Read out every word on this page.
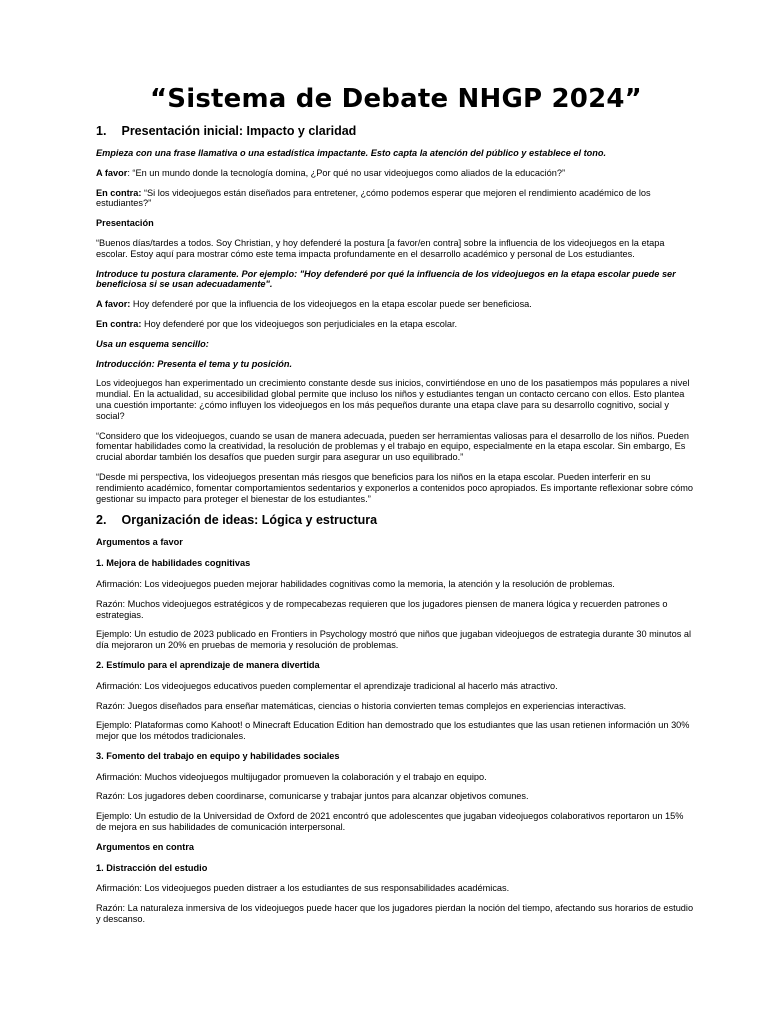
“Sistema de Debate NHGP 2024”
1. Presentación inicial: Impacto y claridad

Empieza con una frase llamativa o una estadística impactante. Esto capta la atención del público y establece el tono.

A favor: “En un mundo donde la tecnología domina, ¿Por qué no usar videojuegos como aliados de la educación?”

En contra: “Si los videojuegos están diseñados para entretener, ¿cómo podemos esperar que mejoren el rendimiento académico de los estudiantes?”

Presentación

“Buenos días/tardes a todos. Soy Christian, y hoy defenderé la postura [a favor/en contra] sobre la influencia de los videojuegos en la etapa escolar. Estoy aquí para mostrar cómo este tema impacta profundamente en el desarrollo académico y personal de Los estudiantes.

Introduce tu postura claramente. Por ejemplo: "Hoy defenderé por qué la influencia de los videojuegos en la etapa escolar puede ser beneficiosa si se usan adecuadamente".

A favor: Hoy defenderé por que la influencia de los videojuegos en la etapa escolar puede ser beneficiosa.

En contra: Hoy defenderé por que los videojuegos son perjudiciales en la etapa escolar.

Usa un esquema sencillo:

Introducción: Presenta el tema y tu posición.

Los videojuegos han experimentado un crecimiento constante desde sus inicios, convirtiéndose en uno de los pasatiempos más populares a nivel mundial. En la actualidad, su accesibilidad global permite que incluso los niños y estudiantes tengan un contacto cercano con ellos. Esto plantea una cuestión importante: ¿cómo influyen los videojuegos en los más pequeños durante una etapa clave para su desarrollo cognitivo, social y social?

“Considero que los videojuegos, cuando se usan de manera adecuada, pueden ser herramientas valiosas para el desarrollo de los niños. Pueden fomentar habilidades como la creatividad, la resolución de problemas y el trabajo en equipo, especialmente en la etapa escolar. Sin embargo, Es crucial abordar también los desafíos que pueden surgir para asegurar un uso equilibrado.”

“Desde mi perspectiva, los videojuegos presentan más riesgos que beneficios para los niños en la etapa escolar. Pueden interferir en su rendimiento académico, fomentar comportamientos sedentarios y exponerlos a contenidos poco apropiados. Es importante reflexionar sobre cómo gestionar su impacto para proteger el bienestar de los estudiantes.”

2. Organización de ideas: Lógica y estructura

Argumentos a favor

1. Mejora de habilidades cognitivas

Afirmación: Los videojuegos pueden mejorar habilidades cognitivas como la memoria, la atención y la resolución de problemas.

Razón: Muchos videojuegos estratégicos y de rompecabezas requieren que los jugadores piensen de manera lógica y recuerden patrones o estrategias.

Ejemplo: Un estudio de 2023 publicado en Frontiers in Psychology mostró que niños que jugaban videojuegos de estrategia durante 30 minutos al día mejoraron un 20% en pruebas de memoria y resolución de problemas.

2. Estímulo para el aprendizaje de manera divertida

Afirmación: Los videojuegos educativos pueden complementar el aprendizaje tradicional al hacerlo más atractivo.

Razón: Juegos diseñados para enseñar matemáticas, ciencias o historia convierten temas complejos en experiencias interactivas.

Ejemplo: Plataformas como Kahoot! o Minecraft Education Edition han demostrado que los estudiantes que las usan retienen información un 30% mejor que los métodos tradicionales.

3. Fomento del trabajo en equipo y habilidades sociales

Afirmación: Muchos videojuegos multijugador promueven la colaboración y el trabajo en equipo.

Razón: Los jugadores deben coordinarse, comunicarse y trabajar juntos para alcanzar objetivos comunes.

Ejemplo: Un estudio de la Universidad de Oxford de 2021 encontró que adolescentes que jugaban videojuegos colaborativos reportaron un 15% de mejora en sus habilidades de comunicación interpersonal.

Argumentos en contra

1. Distracción del estudio

Afirmación: Los videojuegos pueden distraer a los estudiantes de sus responsabilidades académicas.

Razón: La naturaleza inmersiva de los videojuegos puede hacer que los jugadores pierdan la noción del tiempo, afectando sus horarios de estudio y descanso.
